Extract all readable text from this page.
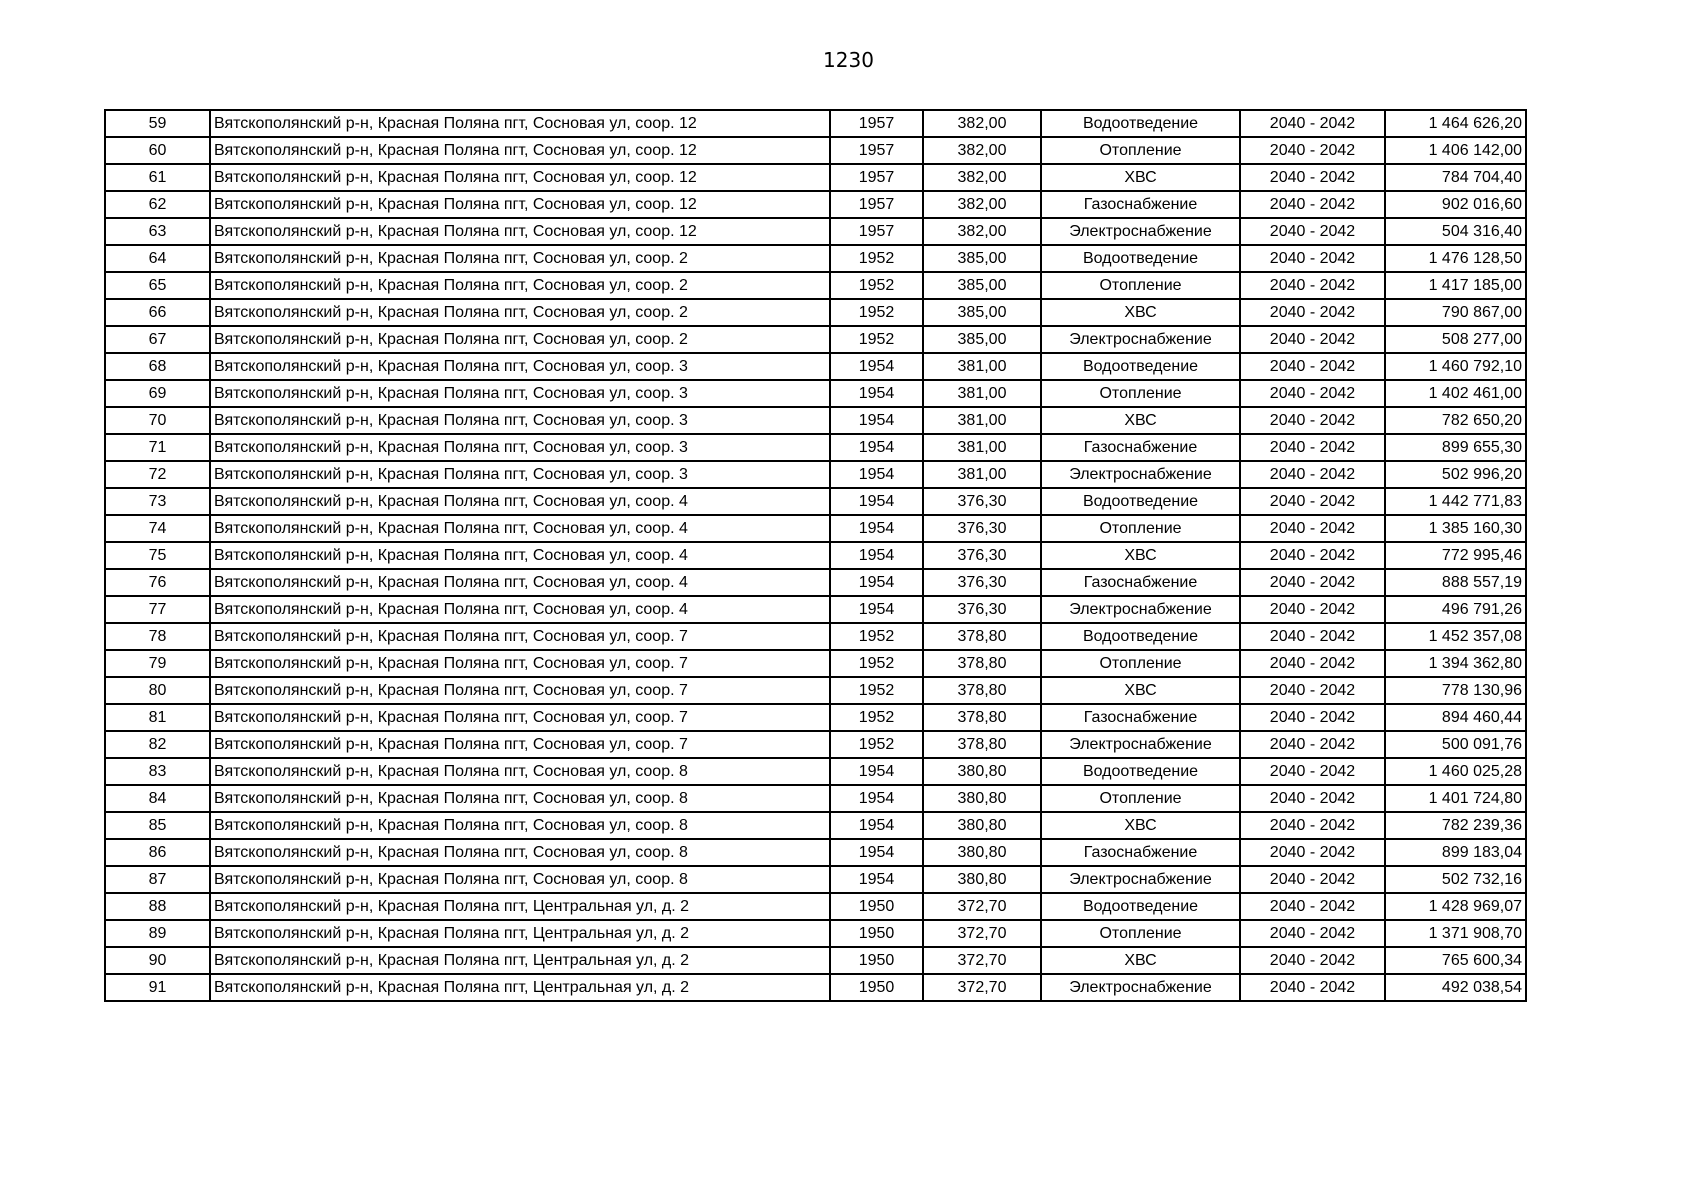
1230
59	Вятскополянский р-н, Красная Поляна пгт, Сосновая ул, соор. 12	1957	382,00	Водоотведение	2040 - 2042	1 464 626,20
60	Вятскополянский р-н, Красная Поляна пгт, Сосновая ул, соор. 12	1957	382,00	Отопление	2040 - 2042	1 406 142,00
61	Вятскополянский р-н, Красная Поляна пгт, Сосновая ул, соор. 12	1957	382,00	ХВС	2040 - 2042	784 704,40
62	Вятскополянский р-н, Красная Поляна пгт, Сосновая ул, соор. 12	1957	382,00	Газоснабжение	2040 - 2042	902 016,60
63	Вятскополянский р-н, Красная Поляна пгт, Сосновая ул, соор. 12	1957	382,00	Электроснабжение	2040 - 2042	504 316,40
64	Вятскополянский р-н, Красная Поляна пгт, Сосновая ул, соор. 2	1952	385,00	Водоотведение	2040 - 2042	1 476 128,50
65	Вятскополянский р-н, Красная Поляна пгт, Сосновая ул, соор. 2	1952	385,00	Отопление	2040 - 2042	1 417 185,00
66	Вятскополянский р-н, Красная Поляна пгт, Сосновая ул, соор. 2	1952	385,00	ХВС	2040 - 2042	790 867,00
67	Вятскополянский р-н, Красная Поляна пгт, Сосновая ул, соор. 2	1952	385,00	Электроснабжение	2040 - 2042	508 277,00
68	Вятскополянский р-н, Красная Поляна пгт, Сосновая ул, соор. 3	1954	381,00	Водоотведение	2040 - 2042	1 460 792,10
69	Вятскополянский р-н, Красная Поляна пгт, Сосновая ул, соор. 3	1954	381,00	Отопление	2040 - 2042	1 402 461,00
70	Вятскополянский р-н, Красная Поляна пгт, Сосновая ул, соор. 3	1954	381,00	ХВС	2040 - 2042	782 650,20
71	Вятскополянский р-н, Красная Поляна пгт, Сосновая ул, соор. 3	1954	381,00	Газоснабжение	2040 - 2042	899 655,30
72	Вятскополянский р-н, Красная Поляна пгт, Сосновая ул, соор. 3	1954	381,00	Электроснабжение	2040 - 2042	502 996,20
73	Вятскополянский р-н, Красная Поляна пгт, Сосновая ул, соор. 4	1954	376,30	Водоотведение	2040 - 2042	1 442 771,83
74	Вятскополянский р-н, Красная Поляна пгт, Сосновая ул, соор. 4	1954	376,30	Отопление	2040 - 2042	1 385 160,30
75	Вятскополянский р-н, Красная Поляна пгт, Сосновая ул, соор. 4	1954	376,30	ХВС	2040 - 2042	772 995,46
76	Вятскополянский р-н, Красная Поляна пгт, Сосновая ул, соор. 4	1954	376,30	Газоснабжение	2040 - 2042	888 557,19
77	Вятскополянский р-н, Красная Поляна пгт, Сосновая ул, соор. 4	1954	376,30	Электроснабжение	2040 - 2042	496 791,26
78	Вятскополянский р-н, Красная Поляна пгт, Сосновая ул, соор. 7	1952	378,80	Водоотведение	2040 - 2042	1 452 357,08
79	Вятскополянский р-н, Красная Поляна пгт, Сосновая ул, соор. 7	1952	378,80	Отопление	2040 - 2042	1 394 362,80
80	Вятскополянский р-н, Красная Поляна пгт, Сосновая ул, соор. 7	1952	378,80	ХВС	2040 - 2042	778 130,96
81	Вятскополянский р-н, Красная Поляна пгт, Сосновая ул, соор. 7	1952	378,80	Газоснабжение	2040 - 2042	894 460,44
82	Вятскополянский р-н, Красная Поляна пгт, Сосновая ул, соор. 7	1952	378,80	Электроснабжение	2040 - 2042	500 091,76
83	Вятскополянский р-н, Красная Поляна пгт, Сосновая ул, соор. 8	1954	380,80	Водоотведение	2040 - 2042	1 460 025,28
84	Вятскополянский р-н, Красная Поляна пгт, Сосновая ул, соор. 8	1954	380,80	Отопление	2040 - 2042	1 401 724,80
85	Вятскополянский р-н, Красная Поляна пгт, Сосновая ул, соор. 8	1954	380,80	ХВС	2040 - 2042	782 239,36
86	Вятскополянский р-н, Красная Поляна пгт, Сосновая ул, соор. 8	1954	380,80	Газоснабжение	2040 - 2042	899 183,04
87	Вятскополянский р-н, Красная Поляна пгт, Сосновая ул, соор. 8	1954	380,80	Электроснабжение	2040 - 2042	502 732,16
88	Вятскополянский р-н, Красная Поляна пгт, Центральная ул, д. 2	1950	372,70	Водоотведение	2040 - 2042	1 428 969,07
89	Вятскополянский р-н, Красная Поляна пгт, Центральная ул, д. 2	1950	372,70	Отопление	2040 - 2042	1 371 908,70
90	Вятскополянский р-н, Красная Поляна пгт, Центральная ул, д. 2	1950	372,70	ХВС	2040 - 2042	765 600,34
91	Вятскополянский р-н, Красная Поляна пгт, Центральная ул, д. 2	1950	372,70	Электроснабжение	2040 - 2042	492 038,54
